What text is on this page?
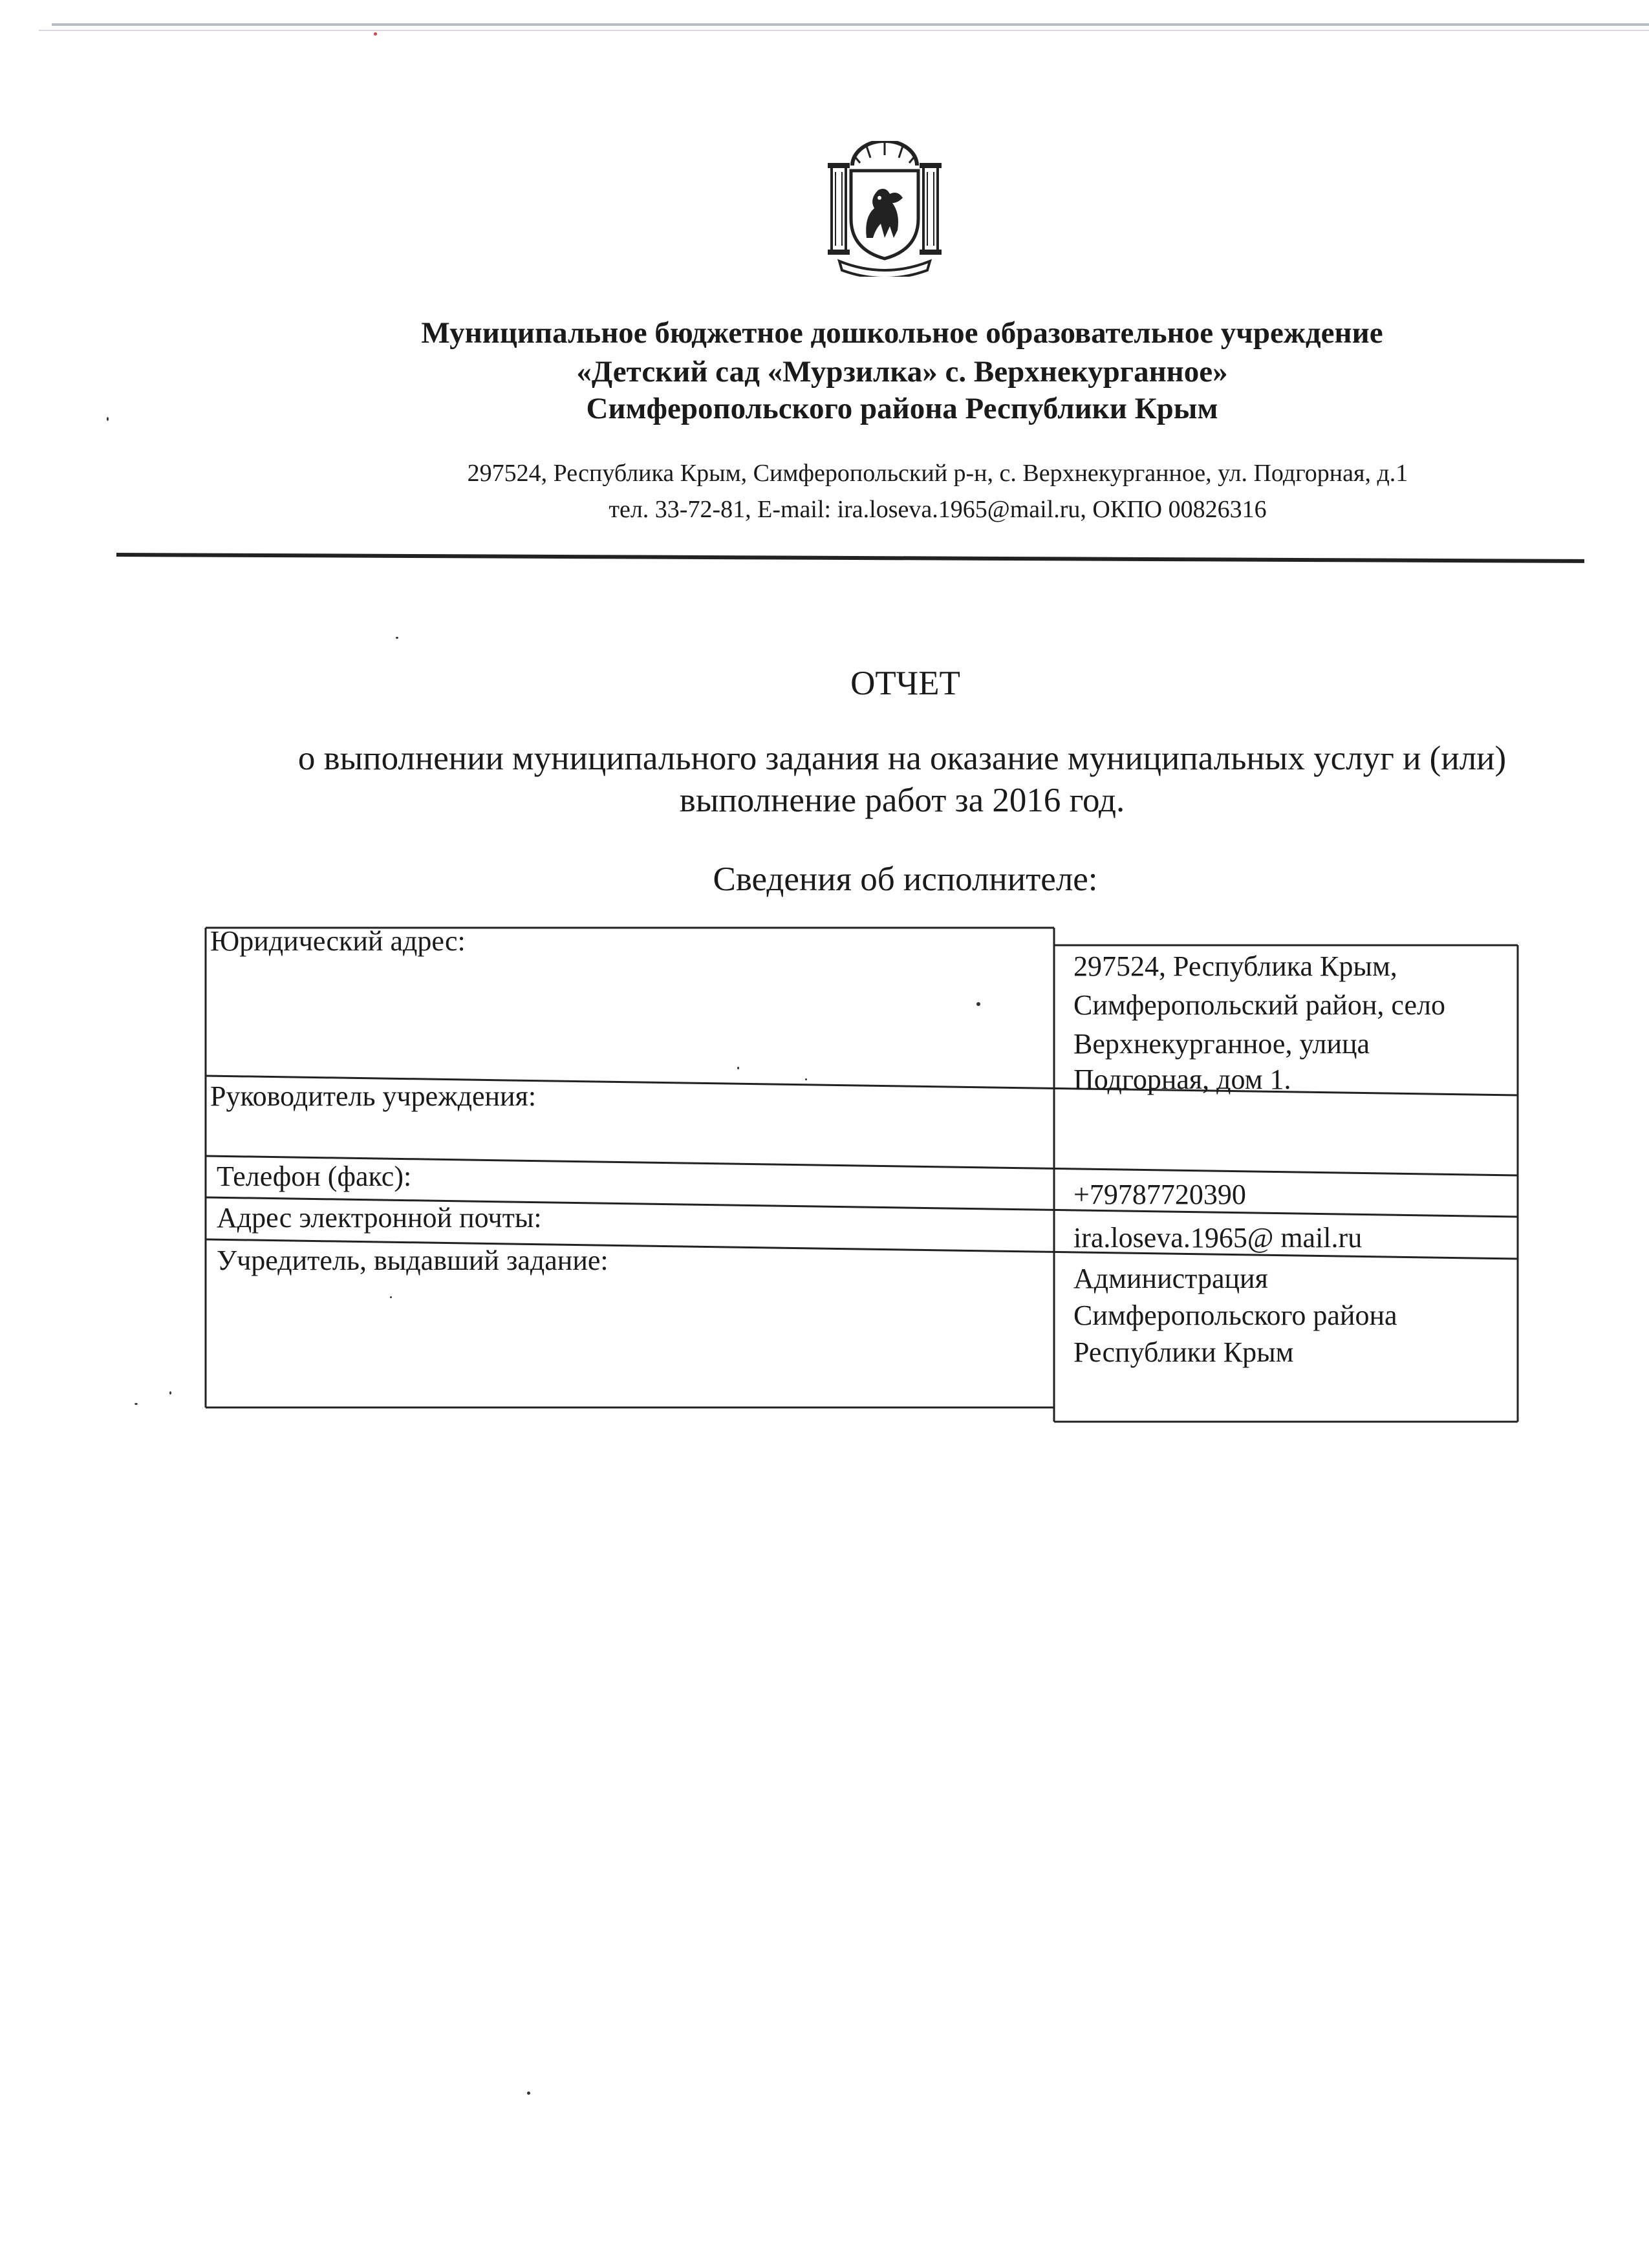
Муниципальное бюджетное дошкольное образовательное учреждение

«Детский сад «Мурзилка» с. Верхнекурганное»

Симферопольского района Республики Крым

297524, Республика Крым, Симферопольский р-н, с. Верхнекурганное, ул. Подгорная, д.1

тел. 33-72-81, E-mail: ira.loseva.1965@mail.ru, ОКПО 00826316

ОТЧЕТ

о выполнении муниципального задания на оказание муниципальных услуг и (или)

выполнение работ за 2016 год.

Сведения об исполнителе:

Юридический адрес:

297524, Республика Крым,

Симферопольский район, село

Верхнекурганное, улица

Подгорная, дом 1.

Руководитель учреждения:

Телефон (факс):

+79787720390

Адрес электронной почты:

ira.loseva.1965@ mail.ru

Учредитель, выдавший задание:

Администрация

Симферопольского района

Республики Крым
